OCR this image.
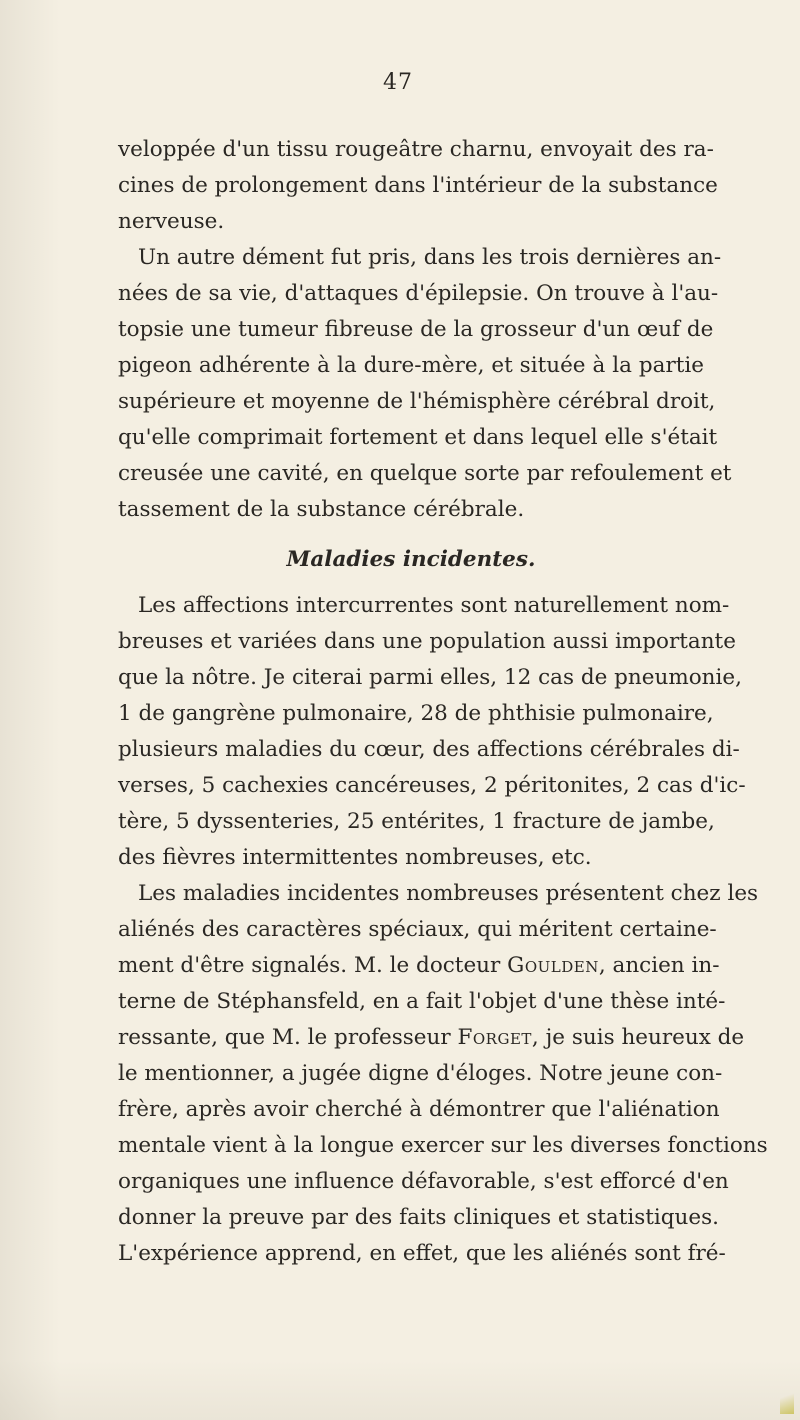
47
veloppée d'un tissu rougeâtre charnu, envoyait des ra-
cines de prolongement dans l'intérieur de la substance
nerveuse.
Un autre dément fut pris, dans les trois dernières an-
nées de sa vie, d'attaques d'épilepsie. On trouve à l'au-
topsie une tumeur fibreuse de la grosseur d'un œuf de
pigeon adhérente à la dure-mère, et située à la partie
supérieure et moyenne de l'hémisphère cérébral droit,
qu'elle comprimait fortement et dans lequel elle s'était
creusée une cavité, en quelque sorte par refoulement et
tassement de la substance cérébrale.
Maladies incidentes.
Les affections intercurrentes sont naturellement nom-
breuses et variées dans une population aussi importante
que la nôtre. Je citerai parmi elles, 12 cas de pneumonie,
1 de gangrène pulmonaire, 28 de phthisie pulmonaire,
plusieurs maladies du cœur, des affections cérébrales di-
verses, 5 cachexies cancéreuses, 2 péritonites, 2 cas d'ic-
tère, 5 dyssenteries, 25 entérites, 1 fracture de jambe,
des fièvres intermittentes nombreuses, etc.
Les maladies incidentes nombreuses présentent chez les
aliénés des caractères spéciaux, qui méritent certaine-
ment d'être signalés. M. le docteur Goulden, ancien in-
terne de Stéphansfeld, en a fait l'objet d'une thèse inté-
ressante, que M. le professeur Forget, je suis heureux de
le mentionner, a jugée digne d'éloges. Notre jeune con-
frère, après avoir cherché à démontrer que l'aliénation
mentale vient à la longue exercer sur les diverses fonctions
organiques une influence défavorable, s'est efforcé d'en
donner la preuve par des faits cliniques et statistiques.
L'expérience apprend, en effet, que les aliénés sont fré-
